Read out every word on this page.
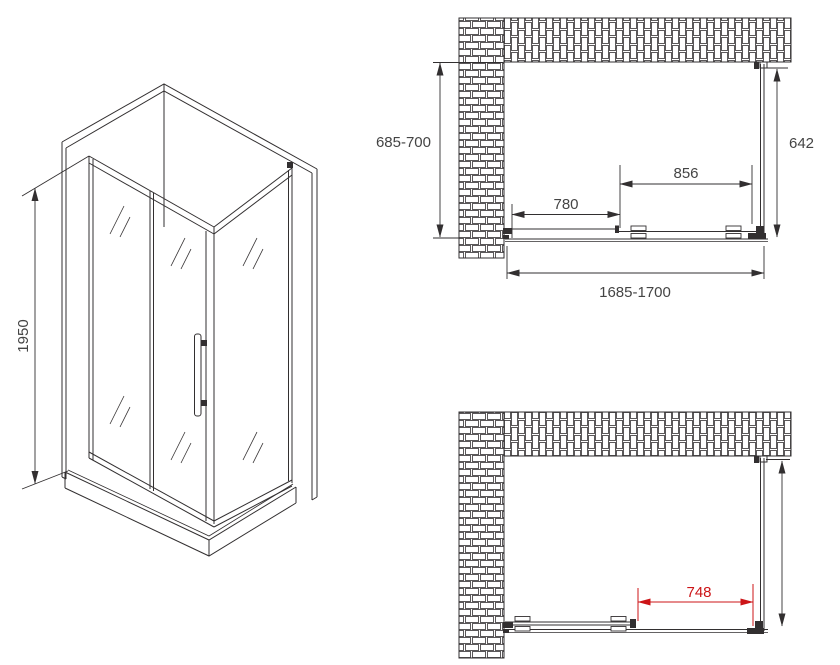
1950
685-700	642
856
780
1685-1700
748
